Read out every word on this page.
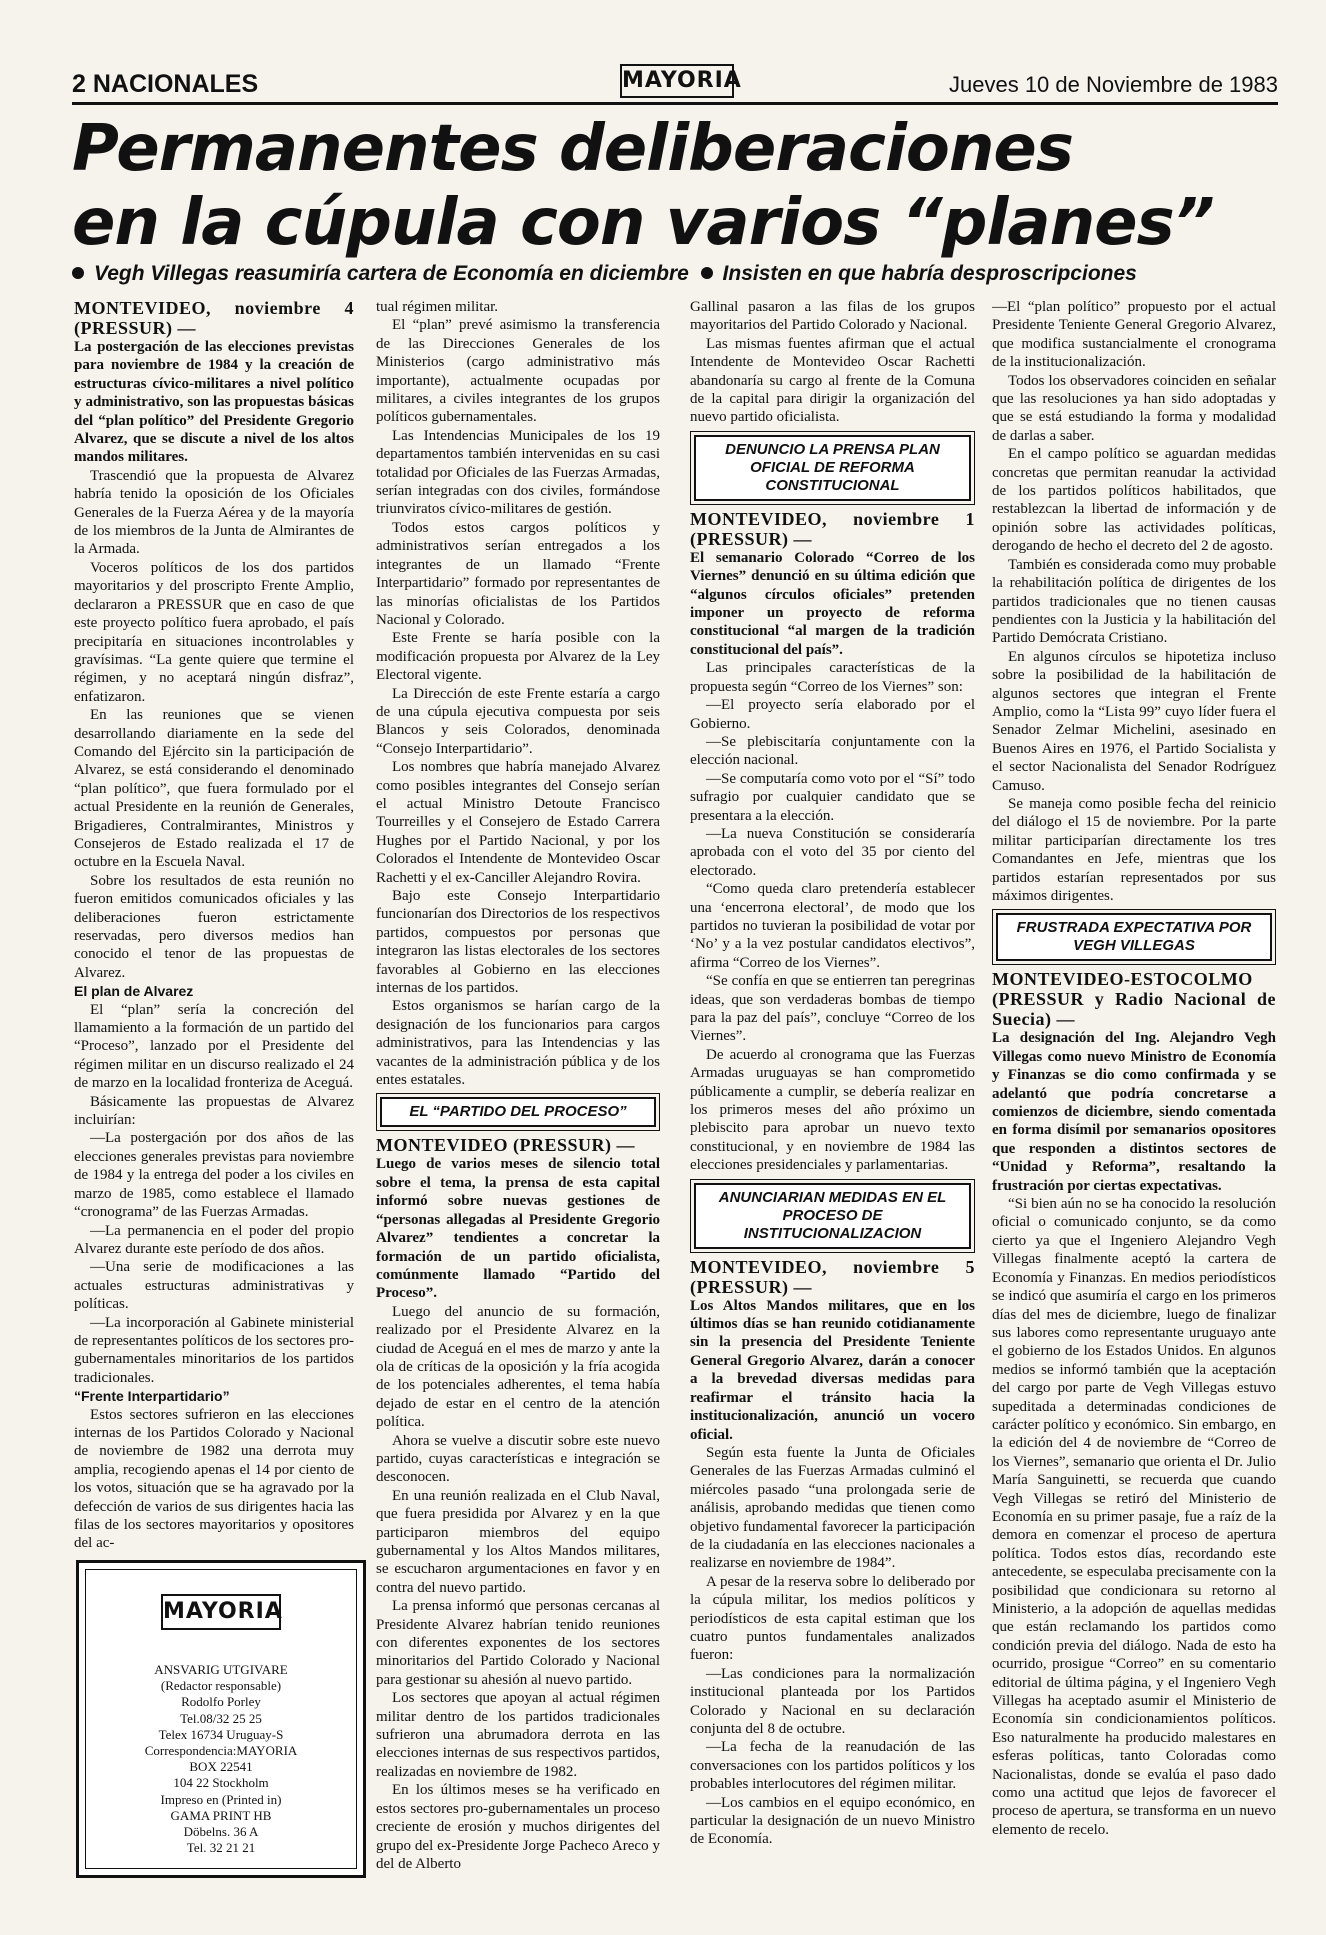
2 NACIONALES	MAYORIA	Jueves 10 de Noviembre de 1983
Permanentes deliberaciones
en la cúpula con varios “planes”
Vegh Villegas reasumiría cartera de Economía en diciembre Insisten en que habría desproscripciones

MONTEVIDEO, noviembre 4 (PRESSUR) —

La postergación de las elecciones previstas para noviembre de 1984 y la creación de estructuras cívico-militares a nivel político y administrativo, son las propuestas básicas del “plan político” del Presidente Gregorio Alvarez, que se discute a nivel de los altos mandos militares.

Trascendió que la propuesta de Alvarez habría tenido la oposición de los Oficiales Generales de la Fuerza Aérea y de la mayoría de los miembros de la Junta de Almirantes de la Armada.

Voceros políticos de los dos partidos mayoritarios y del proscripto Frente Amplio, declararon a PRESSUR que en caso de que este proyecto político fuera aprobado, el país precipitaría en situaciones incontrolables y gravísimas. “La gente quiere que termine el régimen, y no aceptará ningún disfraz”, enfatizaron.

En las reuniones que se vienen desarrollando diariamente en la sede del Comando del Ejército sin la participación de Alvarez, se está considerando el denominado “plan político”, que fuera formulado por el actual Presidente en la reunión de Generales, Brigadieres, Contralmirantes, Ministros y Consejeros de Estado realizada el 17 de octubre en la Escuela Naval.

Sobre los resultados de esta reunión no fueron emitidos comunicados oficiales y las deliberaciones fueron estrictamente reservadas, pero diversos medios han conocido el tenor de las propuestas de Alvarez.

El plan de Alvarez

El “plan” sería la concreción del llamamiento a la formación de un partido del “Proceso”, lanzado por el Presidente del régimen militar en un discurso realizado el 24 de marzo en la localidad fronteriza de Aceguá.

Básicamente las propuestas de Alvarez incluirían:

—La postergación por dos años de las elecciones generales previstas para noviembre de 1984 y la entrega del poder a los civiles en marzo de 1985, como establece el llamado “cronograma” de las Fuerzas Armadas.

—La permanencia en el poder del propio Alvarez durante este período de dos años.

—Una serie de modificaciones a las actuales estructuras administrativas y políticas.

—La incorporación al Gabinete ministerial de representantes políticos de los sectores pro-gubernamentales minoritarios de los partidos tradicionales.

“Frente Interpartidario”

Estos sectores sufrieron en las elecciones internas de los Partidos Colorado y Nacional de noviembre de 1982 una derrota muy amplia, recogiendo apenas el 14 por ciento de los votos, situación que se ha agravado por la defección de varios de sus dirigentes hacia las filas de los sectores mayoritarios y opositores del ac-

MAYORIA
ANSVARIG UTGIVARE
(Redactor responsable)
Rodolfo Porley
Tel.08/32 25 25
Telex 16734 Uruguay-S
Correspondencia:MAYORIA
BOX 22541
104 22 Stockholm
Impreso en (Printed in)
GAMA PRINT HB
Döbelns. 36 A
Tel. 32 21 21

tual régimen militar.

El “plan” prevé asimismo la transferencia de las Direcciones Generales de los Ministerios (cargo administrativo más importante), actualmente ocupadas por militares, a civiles integrantes de los grupos políticos gubernamentales.

Las Intendencias Municipales de los 19 departamentos también intervenidas en su casi totalidad por Oficiales de las Fuerzas Armadas, serían integradas con dos civiles, formándose triunviratos cívico-militares de gestión.

Todos estos cargos políticos y administrativos serían entregados a los integrantes de un llamado “Frente Interpartidario” formado por representantes de las minorías oficialistas de los Partidos Nacional y Colorado.

Este Frente se haría posible con la modificación propuesta por Alvarez de la Ley Electoral vigente.

La Dirección de este Frente estaría a cargo de una cúpula ejecutiva compuesta por seis Blancos y seis Colorados, denominada “Consejo Interpartidario”.

Los nombres que habría manejado Alvarez como posibles integrantes del Consejo serían el actual Ministro Detoute Francisco Tourreilles y el Consejero de Estado Carrera Hughes por el Partido Nacional, y por los Colorados el Intendente de Montevideo Oscar Rachetti y el ex-Canciller Alejandro Rovira.

Bajo este Consejo Interpartidario funcionarían dos Directorios de los respectivos partidos, compuestos por personas que integraron las listas electorales de los sectores favorables al Gobierno en las elecciones internas de los partidos.

Estos organismos se harían cargo de la designación de los funcionarios para cargos administrativos, para las Intendencias y las vacantes de la administración pública y de los entes estatales.

EL “PARTIDO DEL PROCESO”

MONTEVIDEO (PRESSUR) —

Luego de varios meses de silencio total sobre el tema, la prensa de esta capital informó sobre nuevas gestiones de “personas allegadas al Presidente Gregorio Alvarez” tendientes a concretar la formación de un partido oficialista, comúnmente llamado “Partido del Proceso”.

Luego del anuncio de su formación, realizado por el Presidente Alvarez en la ciudad de Aceguá en el mes de marzo y ante la ola de críticas de la oposición y la fría acogida de los potenciales adherentes, el tema había dejado de estar en el centro de la atención política.

Ahora se vuelve a discutir sobre este nuevo partido, cuyas características e integración se desconocen.

En una reunión realizada en el Club Naval, que fuera presidida por Alvarez y en la que participaron miembros del equipo gubernamental y los Altos Mandos militares, se escucharon argumentaciones en favor y en contra del nuevo partido.

La prensa informó que personas cercanas al Presidente Alvarez habrían tenido reuniones con diferentes exponentes de los sectores minoritarios del Partido Colorado y Nacional para gestionar su ahesión al nuevo partido.

Los sectores que apoyan al actual régimen militar dentro de los partidos tradicionales sufrieron una abrumadora derrota en las elecciones internas de sus respectivos partidos, realizadas en noviembre de 1982.

En los últimos meses se ha verificado en estos sectores pro-gubernamentales un proceso creciente de erosión y muchos dirigentes del grupo del ex-Presidente Jorge Pacheco Areco y del de Alberto

Gallinal pasaron a las filas de los grupos mayoritarios del Partido Colorado y Nacional.

Las mismas fuentes afirman que el actual Intendente de Montevideo Oscar Rachetti abandonaría su cargo al frente de la Comuna de la capital para dirigir la organización del nuevo partido oficialista.

DENUNCIO LA PRENSA PLAN OFICIAL DE REFORMA CONSTITUCIONAL

MONTEVIDEO, noviembre 1 (PRESSUR) —

El semanario Colorado “Correo de los Viernes” denunció en su última edición que “algunos círculos oficiales” pretenden imponer un proyecto de reforma constitucional “al margen de la tradición constitucional del país”.

Las principales características de la propuesta según “Correo de los Viernes” son:

—El proyecto sería elaborado por el Gobierno.

—Se plebiscitaría conjuntamente con la elección nacional.

—Se computaría como voto por el “Sí” todo sufragio por cualquier candidato que se presentara a la elección.

—La nueva Constitución se consideraría aprobada con el voto del 35 por ciento del electorado.

“Como queda claro pretendería establecer una ‘encerrona electoral’, de modo que los partidos no tuvieran la posibilidad de votar por ‘No’ y a la vez postular candidatos electivos”, afirma “Correo de los Viernes”.

“Se confía en que se entierren tan peregrinas ideas, que son verdaderas bombas de tiempo para la paz del país”, concluye “Correo de los Viernes”.

De acuerdo al cronograma que las Fuerzas Armadas uruguayas se han comprometido públicamente a cumplir, se debería realizar en los primeros meses del año próximo un plebiscito para aprobar un nuevo texto constitucional, y en noviembre de 1984 las elecciones presidenciales y parlamentarias.

ANUNCIARIAN MEDIDAS EN EL PROCESO DE INSTITUCIONALIZACION

MONTEVIDEO, noviembre 5 (PRESSUR) —

Los Altos Mandos militares, que en los últimos días se han reunido cotidianamente sin la presencia del Presidente Teniente General Gregorio Alvarez, darán a conocer a la brevedad diversas medidas para reafirmar el tránsito hacia la institucionalización, anunció un vocero oficial.

Según esta fuente la Junta de Oficiales Generales de las Fuerzas Armadas culminó el miércoles pasado “una prolongada serie de análisis, aprobando medidas que tienen como objetivo fundamental favorecer la participación de la ciudadanía en las elecciones nacionales a realizarse en noviembre de 1984”.

A pesar de la reserva sobre lo deliberado por la cúpula militar, los medios políticos y periodísticos de esta capital estiman que los cuatro puntos fundamentales analizados fueron:

—Las condiciones para la normalización institucional planteada por los Partidos Colorado y Nacional en su declaración conjunta del 8 de octubre.

—La fecha de la reanudación de las conversaciones con los partidos políticos y los probables interlocutores del régimen militar.

—Los cambios en el equipo económico, en particular la designación de un nuevo Ministro de Economía.

—El “plan político” propuesto por el actual Presidente Teniente General Gregorio Alvarez, que modifica sustancialmente el cronograma de la institucionalización.

Todos los observadores coinciden en señalar que las resoluciones ya han sido adoptadas y que se está estudiando la forma y modalidad de darlas a saber.

En el campo político se aguardan medidas concretas que permitan reanudar la actividad de los partidos políticos habilitados, que restablezcan la libertad de información y de opinión sobre las actividades políticas, derogando de hecho el decreto del 2 de agosto.

También es considerada como muy probable la rehabilitación política de dirigentes de los partidos tradicionales que no tienen causas pendientes con la Justicia y la habilitación del Partido Demócrata Cristiano.

En algunos círculos se hipotetiza incluso sobre la posibilidad de la habilitación de algunos sectores que integran el Frente Amplio, como la “Lista 99” cuyo líder fuera el Senador Zelmar Michelini, asesinado en Buenos Aires en 1976, el Partido Socialista y el sector Nacionalista del Senador Rodríguez Camuso.

Se maneja como posible fecha del reinicio del diálogo el 15 de noviembre. Por la parte militar participarían directamente los tres Comandantes en Jefe, mientras que los partidos estarían representados por sus máximos dirigentes.

FRUSTRADA EXPECTATIVA POR VEGH VILLEGAS

MONTEVIDEO-ESTOCOLMO (PRESSUR y Radio Nacional de Suecia) —

La designación del Ing. Alejandro Vegh Villegas como nuevo Ministro de Economía y Finanzas se dio como confirmada y se adelantó que podría concretarse a comienzos de diciembre, siendo comentada en forma disímil por semanarios opositores que responden a distintos sectores de “Unidad y Reforma”, resaltando la frustración por ciertas expectativas.

“Si bien aún no se ha conocido la resolución oficial o comunicado conjunto, se da como cierto ya que el Ingeniero Alejandro Vegh Villegas finalmente aceptó la cartera de Economía y Finanzas. En medios periodísticos se indicó que asumiría el cargo en los primeros días del mes de diciembre, luego de finalizar sus labores como representante uruguayo ante el gobierno de los Estados Unidos. En algunos medios se informó también que la aceptación del cargo por parte de Vegh Villegas estuvo supeditada a determinadas condiciones de carácter político y económico. Sin embargo, en la edición del 4 de noviembre de “Correo de los Viernes”, semanario que orienta el Dr. Julio María Sanguinetti, se recuerda que cuando Vegh Villegas se retiró del Ministerio de Economía en su primer pasaje, fue a raíz de la demora en comenzar el proceso de apertura política. Todos estos días, recordando este antecedente, se especulaba precisamente con la posibilidad que condicionara su retorno al Ministerio, a la adopción de aquellas medidas que están reclamando los partidos como condición previa del diálogo. Nada de esto ha ocurrido, prosigue “Correo” en su comentario editorial de última página, y el Ingeniero Vegh Villegas ha aceptado asumir el Ministerio de Economía sin condicionamientos políticos. Eso naturalmente ha producido malestares en esferas políticas, tanto Coloradas como Nacionalistas, donde se evalúa el paso dado como una actitud que lejos de favorecer el proceso de apertura, se transforma en un nuevo elemento de recelo.
